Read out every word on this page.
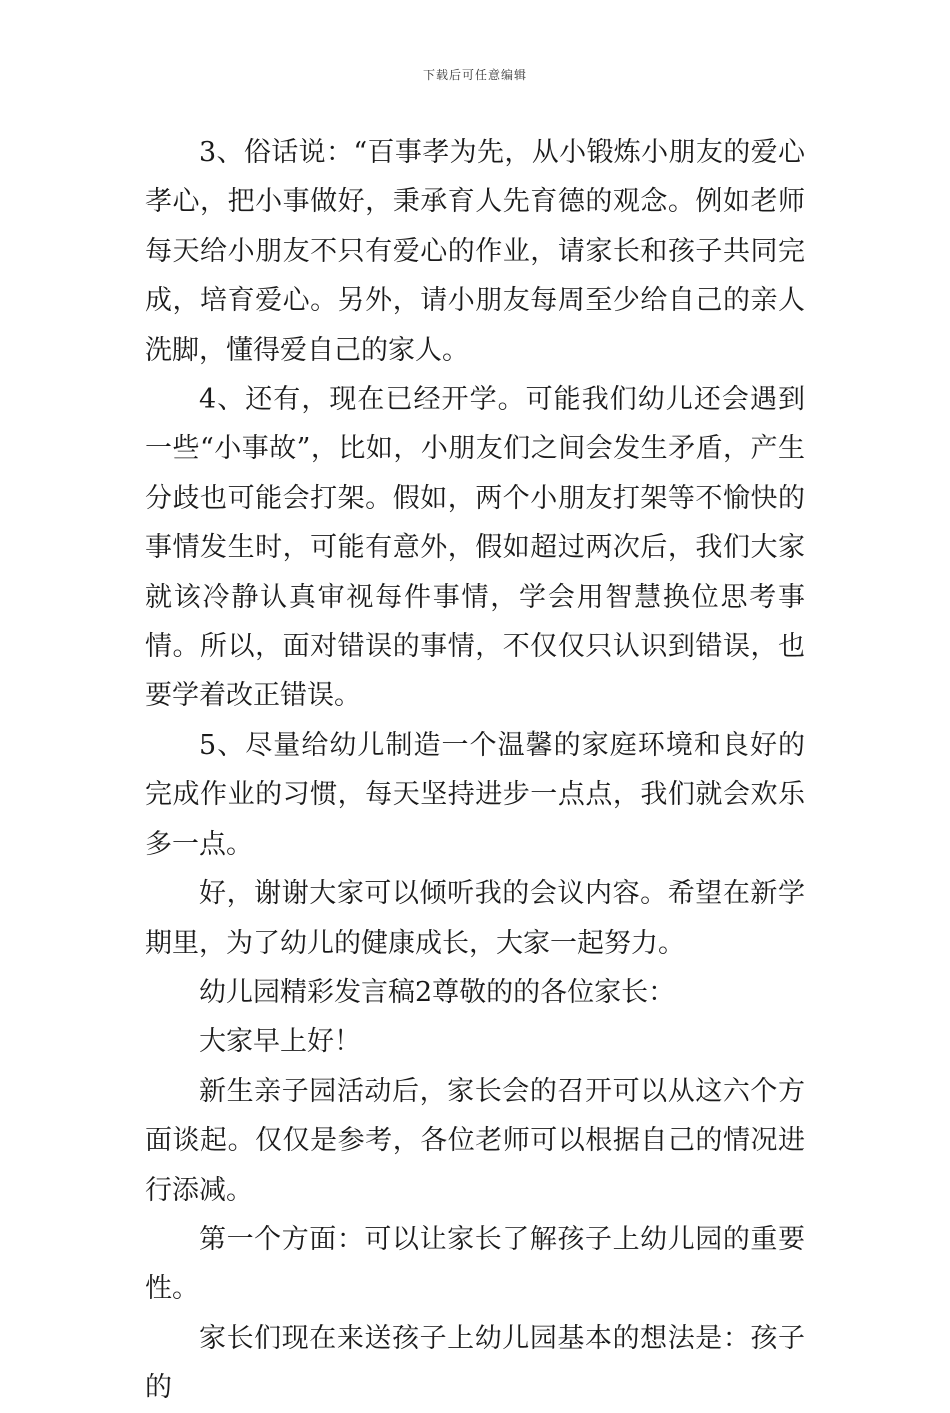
下载后可任意编辑

3、俗话说：“百事孝为先，从小锻炼小朋友的爱心孝心，把小事做好，秉承育人先育德的观念。例如老师每天给小朋友不只有爱心的作业，请家长和孩子共同完成，培育爱心。另外，请小朋友每周至少给自己的亲人洗脚，懂得爱自己的家人。

4、还有，现在已经开学。可能我们幼儿还会遇到一些“小事故”，比如，小朋友们之间会发生矛盾，产生分歧也可能会打架。假如，两个小朋友打架等不愉快的事情发生时，可能有意外，假如超过两次后，我们大家就该冷静认真审视每件事情，学会用智慧换位思考事情。所以，面对错误的事情，不仅仅只认识到错误，也要学着改正错误。

5、尽量给幼儿制造一个温馨的家庭环境和良好的完成作业的习惯，每天坚持进步一点点，我们就会欢乐多一点。

好，谢谢大家可以倾听我的会议内容。希望在新学期里，为了幼儿的健康成长，大家一起努力。

幼儿园精彩发言稿2尊敬的的各位家长：

大家早上好！

新生亲子园活动后，家长会的召开可以从这六个方面谈起。仅仅是参考，各位老师可以根据自己的情况进行添减。

第一个方面：可以让家长了解孩子上幼儿园的重要性。

家长们现在来送孩子上幼儿园基本的想法是：孩子的
